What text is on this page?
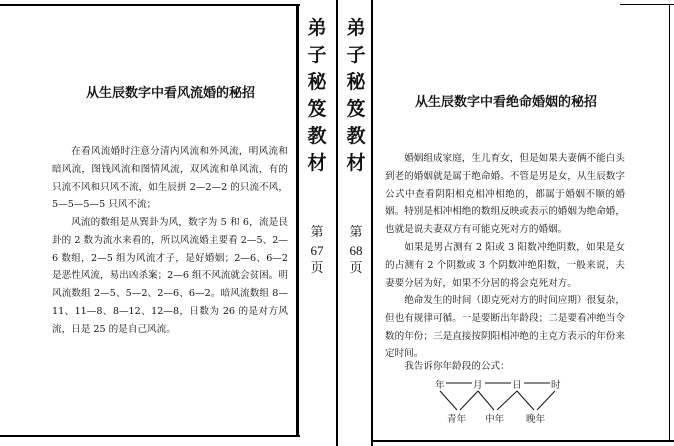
从生辰数字中看风流婚的秘招

在看风流婚时注意分清内风流和外风流，明风流和暗风流，图钱风流和图情风流，双风流和单风流，有的只流不风和只风不流，如生辰拼 2—2—2 的只流不风，5—5—5—5 只风不流；

风流的数组是从巽卦为风，数字为 5 和 6，流是艮卦的 2 数为流水来看的，所以风流婚主要看 2—5、2—6 数组，2—5 组为风流才子，是好婚姻；2—6、6—2 是恶性风流，易出凶杀案；2—6 组不风流就会贫困。明风流数组 2—5、5—2、2—6、6—2。暗风流数组 8—11、11—8、8—12、12—8，日数为 26 的是对方风流，日是 25 的是自己风流。

弟
子
秘
笈
教
材
第
67
页
弟
子
秘
笈
教
材
第
68
页
从生辰数字中看绝命婚姻的秘招

婚姻组成家庭，生儿育女，但是如果夫妻俩不能白头到老的婚姻就是属于绝命婚。不管是男是女，从生辰数字公式中查看阴阳相克相冲相绝的，都属于婚姻不顺的婚姻。特别是相冲相绝的数组反映或表示的婚姻为绝命婚，也就是说夫妻双方有可能克死对方的婚姻。

如果是男占测有 2 阳或 3 阳数冲绝阴数，如果是女的占测有 2 个阴数或 3 个阴数冲绝阳数，一般来说，夫妻要分居为好，如果不分居的将会克死对方。

绝命发生的时间（即克死对方的时间应期）很复杂，但也有规律可循。一是要断出年龄段；二是要看冲绝当令数的年份；三是直接按阴阳相冲绝的主克方表示的年份来定时间。

我告诉你年龄段的公式：

年	月	日	时
青年 中年 晚年
